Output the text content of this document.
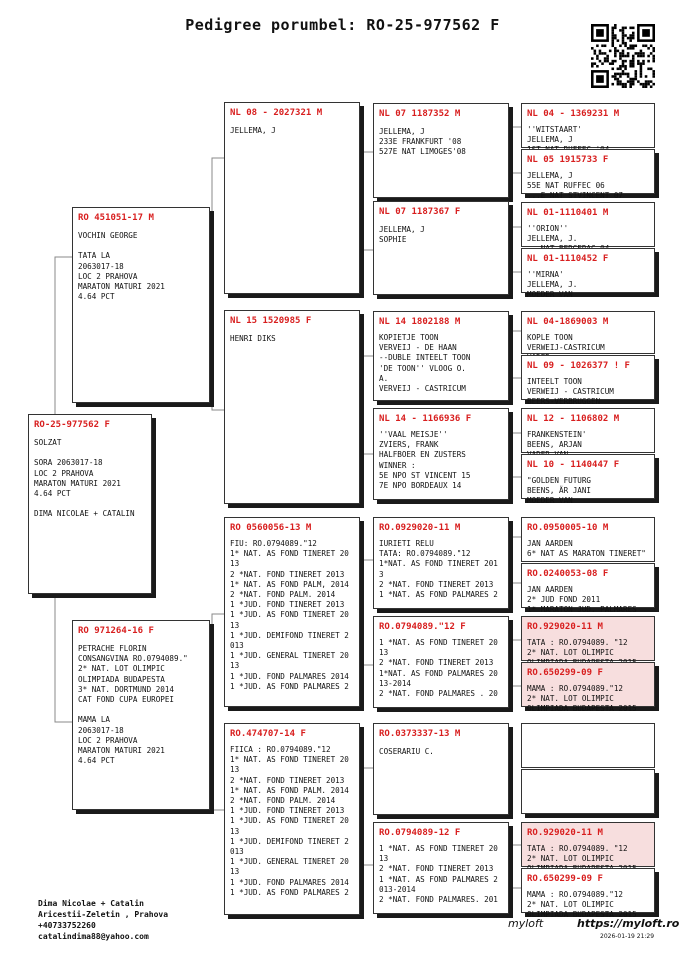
Pedigree porumbel: RO-25-977562 F
RO-25-977562 F
SOLZAT

SORA 2063017-18
LOC 2 PRAHOVA
MARATON MATURI 2021
4.64 PCT

DIMA NICOLAE + CATALIN
RO 451051-17 M
VOCHIN GEORGE

TATA LA
2063017-18
LOC 2 PRAHOVA
MARATON MATURI 2021
4.64 PCT
RO 971264-16 F
PETRACHE FLORIN
CONSANGVINA RO.0794089."
2* NAT. LOT OLIMPIC
OLIMPIADA BUDAPESTA
3* NAT. DORTMUND 2014
CAT FOND CUPA EUROPEI

MAMA LA
2063017-18
LOC 2 PRAHOVA
MARATON MATURI 2021
4.64 PCT
NL 08 - 2027321 M
JELLEMA, J
NL 15 1520985 F
HENRI DIKS
RO 0560056-13 M
FIU: RO.0794089."12
1* NAT. AS FOND TINERET 20
13
2 *NAT. FOND TINERET 2013
1* NAT. AS FOND PALM, 2014
2 *NAT. FOND PALM. 2014
1 *JUD. FOND TINERET 2013
1 *JUD. AS FOND TINERET 20
13
1 *JUD. DEMIFOND TINERET 2
013
1 *JUD. GENERAL TINERET 20
13
1 *JUD. FOND PALMARES 2014
1 *JUD. AS FOND PALMARES 2
RO.474707-14 F
FIICA : RO.0794089."12
1* NAT. AS FOND TINERET 20
13
2 *NAT. FOND TINERET 2013
1* NAT. AS FOND PALM. 2014
2 *NAT. FOND PALM. 2014
1 *JUD. FOND TINERET 2013
1 *JUD. AS FOND TINERET 20
13
1 *JUD. DEMIFOND TINERET 2
013
1 *JUD. GENERAL TINERET 20
13
1 *JUD. FOND PALMARES 2014
1 *JUD. AS FOND PALMARES 2
NL 07 1187352 M
JELLEMA, J
233E FRANKFURT '08
527E NAT LIMOGES'08
NL 07 1187367 F
JELLEMA, J
SOPHIE
NL 14 1802188 M
KOPIETJE TOON
VERVEIJ - DE HAAN
--DUBLE INTEELT TOON
'DE TOON'' VLOOG O.
A.
VERVEIJ - CASTRICUM
NL 14 - 1166936 F
''VAAL MEISJE''
ZVIERS, FRANK
HALFBOER EN ZUSTERS
WINNER :
5E NPO ST VINCENT 15
7E NPO BORDEAUX 14
RO.0929020-11 M
IURIETI RELU
TATA: RO.0794089."12
1*NAT. AS FOND TINERET 201
3
2 *NAT. FOND TINERET 2013
1 *NAT. AS FOND PALMARES 2
RO.0794089."12 F
1 *NAT. AS FOND TINERET 20
13
2 *NAT. FOND TINERET 2013
1*NAT. AS FOND PALMARES 20
13-2014
2 *NAT. FOND PALMARES . 20
RO.0373337-13 M
COSERARIU C.
RO.0794089-12 F
1 *NAT. AS FOND TINERET 20
13
2 *NAT. FOND TINERET 2013
1 *NAT. AS FOND PALMARES 2
013-2014
2 *NAT. FOND PALMARES. 201
NL 04 - 1369231 M
''WITSTAART'
JELLEMA, J

NL 05 1915733 F
JELLEMA, J
55E NAT RUFFEC 06
...E NAT STVINCENT 07
NL 01-1110401 M
''ORION''
JELLEMA, J.

NL 01-1110452 F
''MIRNA'
JELLEMA, J.
MOEDER VAN
NL 04-1869003 M
KOPLE TOON
VERWEIJ-CASTRICUM

NL 09 - 1026377 ! F
INTEELT TOON
VERWEIJ - CASTRICUM
BEERS-VERBRUGGEN
NL 12 - 1106802 M
FRANKENSTEIN'
BEENS, ARJAN

NL 10 - 1140447 F
"GOLDEN FUTURG
BEENS, ÄR JANI
MOEDER VAN
RO.0950005-10 M
JAN AARDEN
6* NAT AS MARATON TINERET"
RO.0240053-08 F
JAN AARDEN
2* JUD FOND 2011
1* MARATON JUD. PALMARES
RO.929020-11 M
TATA : RO.0794089. "12
2* NAT. LOT OLIMPIC

RO.650299-09 F
MAMA : RO.0794089."12
2* NAT. LOT OLIMPIC
OLIMPIADA BUDAPESTA 2015
RO.929020-11 M
TATA : RO.0794089. "12
2* NAT. LOT OLIMPIC

RO.650299-09 F
MAMA : RO.0794089."12
2* NAT. LOT OLIMPIC
OLIMPIADA BUDAPESTA 2015
Dima Nicolae + Catalin
Aricestii-Zeletin , Prahova
+40733752260
catalindima88@yahoo.com
myloft	https://myloft.ro
2026-01-19 21:29
